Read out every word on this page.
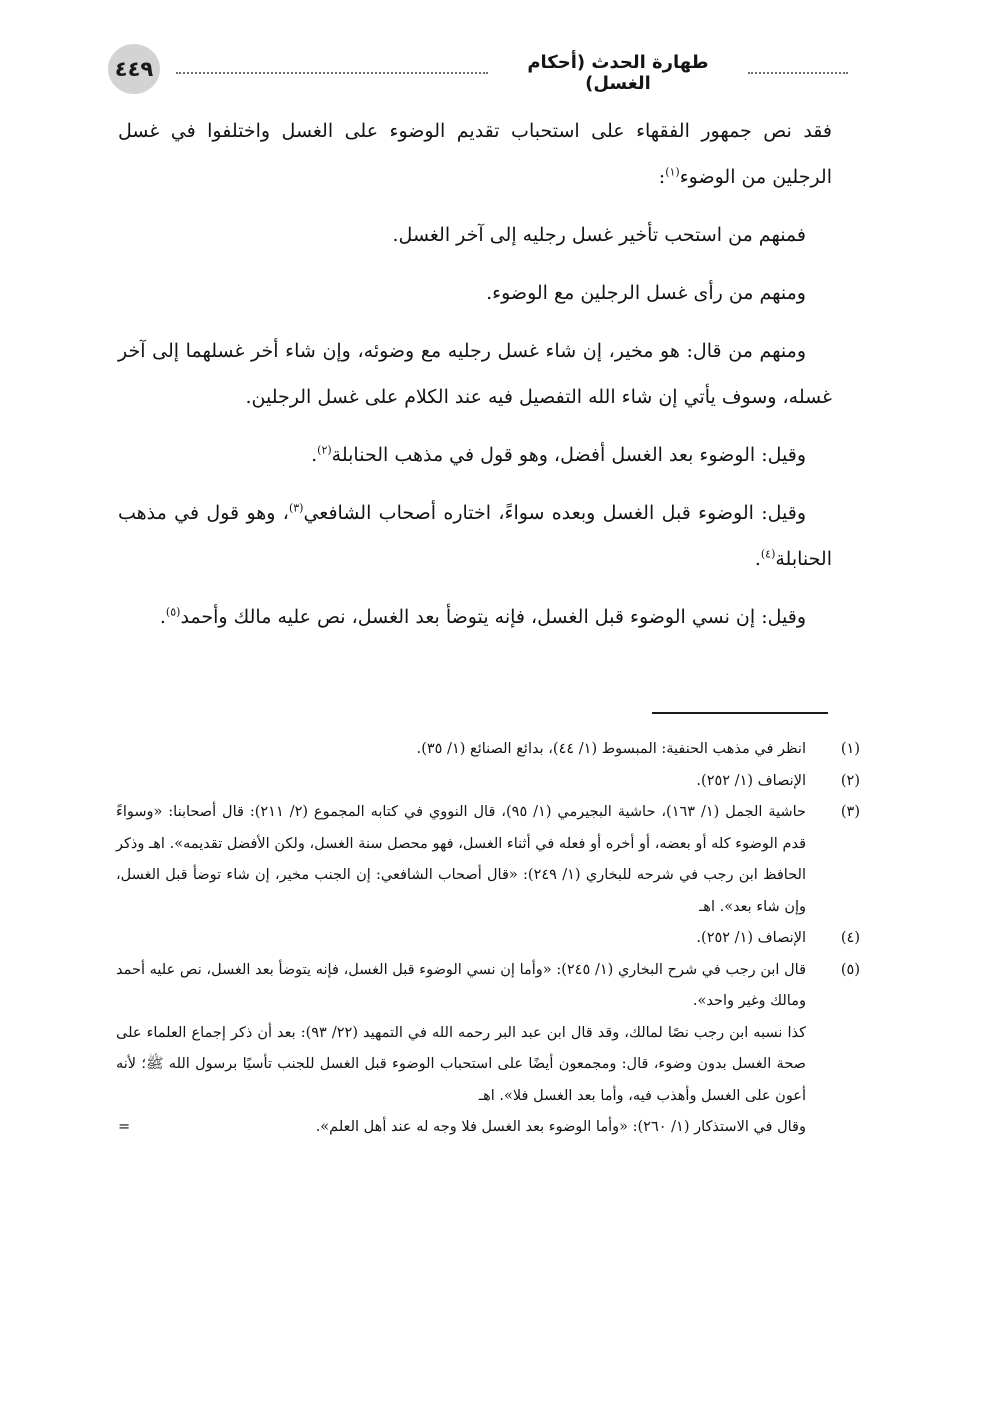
٤٤٩	طهارة الحدث (أحكام الغسل)

فقد نص جمهور الفقهاء على استحباب تقديم الوضوء على الغسل واختلفوا في غسل الرجلين من الوضوء$^{(١)}$:

فمنهم من استحب تأخير غسل رجليه إلى آخر الغسل.

ومنهم من رأى غسل الرجلين مع الوضوء.

ومنهم من قال: هو مخير، إن شاء غسل رجليه مع وضوئه، وإن شاء أخر غسلهما إلى آخر غسله، وسوف يأتي إن شاء الله التفصيل فيه عند الكلام على غسل الرجلين.

وقيل: الوضوء بعد الغسل أفضل، وهو قول في مذهب الحنابلة$^{(٢)}$.

وقيل: الوضوء قبل الغسل وبعده سواءً، اختاره أصحاب الشافعي$^{(٣)}$، وهو قول في مذهب الحنابلة$^{(٤)}$.

وقيل: إن نسي الوضوء قبل الغسل، فإنه يتوضأ بعد الغسل، نص عليه مالك وأحمد$^{(٥)}$.

(١)
انظر في مذهب الحنفية: المبسوط (١/ ٤٤)، بدائع الصنائع (١/ ٣٥).
(٢)
الإنصاف (١/ ٢٥٢).
(٣)
حاشية الجمل (١/ ١٦٣)، حاشية البجيرمي (١/ ٩٥)، قال النووي في كتابه المجموع (٢/ ٢١١): قال أصحابنا: «وسواءً قدم الوضوء كله أو بعضه، أو أخره أو فعله في أثناء الغسل، فهو محصل سنة الغسل، ولكن الأفضل تقديمه». اهـ وذكر الحافظ ابن رجب في شرحه للبخاري (١/ ٢٤٩): «قال أصحاب الشافعي: إن الجنب مخير، إن شاء توضأ قبل الغسل، وإن شاء بعد». اهـ
(٤)
الإنصاف (١/ ٢٥٢).
(٥)
قال ابن رجب في شرح البخاري (١/ ٢٤٥): «وأما إن نسي الوضوء قبل الغسل، فإنه يتوضأ بعد الغسل، نص عليه أحمد ومالك وغير واحد».
كذا نسبه ابن رجب نصًا لمالك، وقد قال ابن عبد البر رحمه الله في التمهيد (٢٢/ ٩٣): بعد أن ذكر إجماع العلماء على صحة الغسل بدون وضوء، قال: ومجمعون أيضًا على استحباب الوضوء قبل الغسل للجنب تأسيًا برسول الله ﷺ؛ لأنه أعون على الغسل وأهذب فيه، وأما بعد الغسل فلا». اهـ
وقال في الاستذكار (١/ ٢٦٠): «وأما الوضوء بعد الغسل فلا وجه له عند أهل العلم».
=
